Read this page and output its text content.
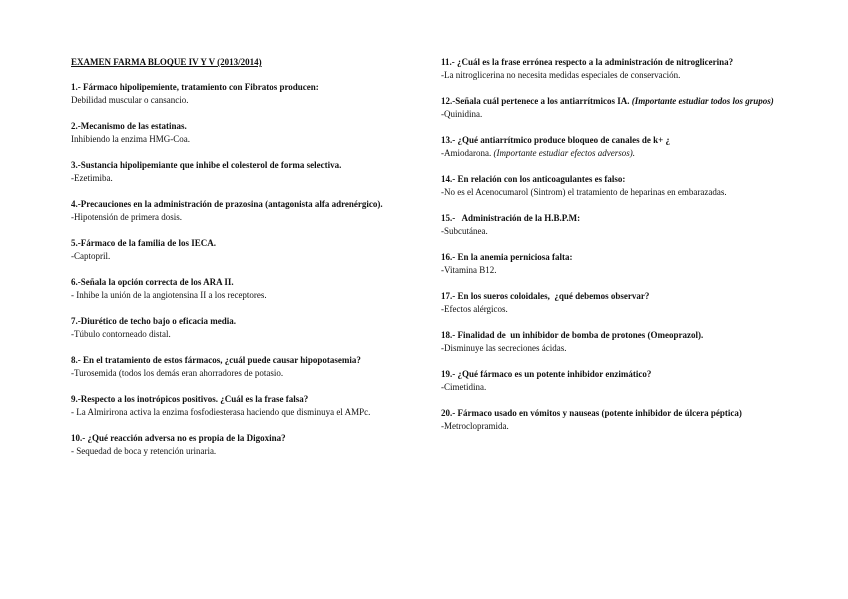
EXAMEN FARMA BLOQUE IV Y V (2013/2014)
1.- Fármaco hipolipemiente, tratamiento con Fibratos producen:
Debilidad muscular o cansancio.
2.-Mecanismo de las estatinas.
Inhibiendo la enzima HMG-Coa.
3.-Sustancia hipolipemiante que inhibe el colesterol de forma selectiva.
-Ezetimiba.
4.-Precauciones en la administración de prazosina (antagonista alfa adrenérgico).
-Hipotensión de primera dosis.
5.-Fármaco de la familia de los IECA.
-Captopril.
6.-Señala la opción correcta de los ARA II.
- Inhibe la unión de la angiotensina II a los receptores.
7.-Diurético de techo bajo o eficacia media.
-Túbulo contorneado distal.
8.- En el tratamiento de estos fármacos, ¿cuál puede causar hipopotasemia?
-Turosemida (todos los demás eran ahorradores de potasio.
9.-Respecto a los inotrópicos positivos. ¿Cuál es la frase falsa?
- La Almirirona activa la enzima fosfodiesterasa haciendo que disminuya el AMPc.
10.- ¿Qué reacción adversa no es propia de la Digoxina?
- Sequedad de boca y retención urinaria.
11.- ¿Cuál es la frase errónea respecto a la administración de nitroglicerina?
-La nitroglicerina no necesita medidas especiales de conservación.
12.-Señala cuál pertenece a los antiarrítmicos IA. (Importante estudiar todos los grupos)
-Quinidina.
13.- ¿Qué antiarrítmico produce bloqueo de canales de k+ ¿
-Amiodarona. (Importante estudiar efectos adversos).
14.- En relación con los anticoagulantes es falso:
-No es el Acenocumarol (Sintrom) el tratamiento de heparinas en embarazadas.
15.-   Administración de la H.B.P.M:
-Subcutánea.
16.- En la anemia perniciosa falta:
-Vitamina B12.
17.- En los sueros coloidales,  ¿qué debemos observar?
-Efectos alérgicos.
18.- Finalidad de  un inhibidor de bomba de protones (Omeoprazol).
-Disminuye las secreciones ácidas.
19.- ¿Qué fármaco es un potente inhibidor enzimático?
-Cimetidina.
20.- Fármaco usado en vómitos y nauseas (potente inhibidor de úlcera péptica)
-Metroclopramida.
